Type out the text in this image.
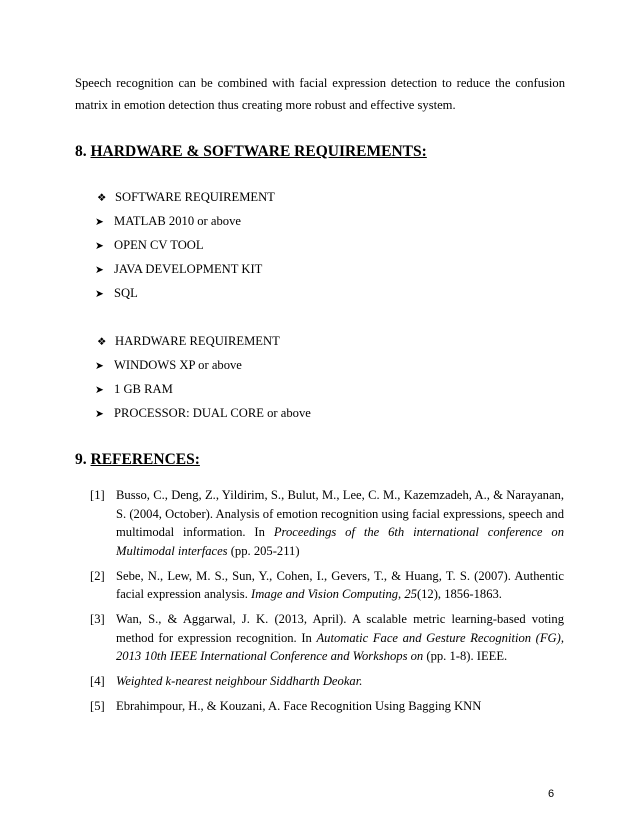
Speech recognition can be combined with facial expression detection to reduce the confusion matrix in emotion detection thus creating more robust and effective system.

8. HARDWARE & SOFTWARE REQUIREMENTS:
❖ SOFTWARE REQUIREMENT
➤ MATLAB 2010 or above
➤ OPEN CV TOOL
➤ JAVA DEVELOPMENT KIT
➤ SQL
❖ HARDWARE REQUIREMENT
➤ WINDOWS XP or above
➤ 1 GB RAM
➤ PROCESSOR: DUAL CORE or above
9. REFERENCES:
[1] Busso, C., Deng, Z., Yildirim, S., Bulut, M., Lee, C. M., Kazemzadeh, A., & Narayanan, S. (2004, October). Analysis of emotion recognition using facial expressions, speech and multimodal information. In Proceedings of the 6th international conference on Multimodal interfaces (pp. 205-211)
[2] Sebe, N., Lew, M. S., Sun, Y., Cohen, I., Gevers, T., & Huang, T. S. (2007). Authentic facial expression analysis. Image and Vision Computing, 25(12), 1856-1863.
[3] Wan, S., & Aggarwal, J. K. (2013, April). A scalable metric learning-based voting method for expression recognition. In Automatic Face and Gesture Recognition (FG), 2013 10th IEEE International Conference and Workshops on (pp. 1-8). IEEE.
[4] Weighted k-nearest neighbour Siddharth Deokar.
[5] Ebrahimpour, H., & Kouzani, A. Face Recognition Using Bagging KNN
6
